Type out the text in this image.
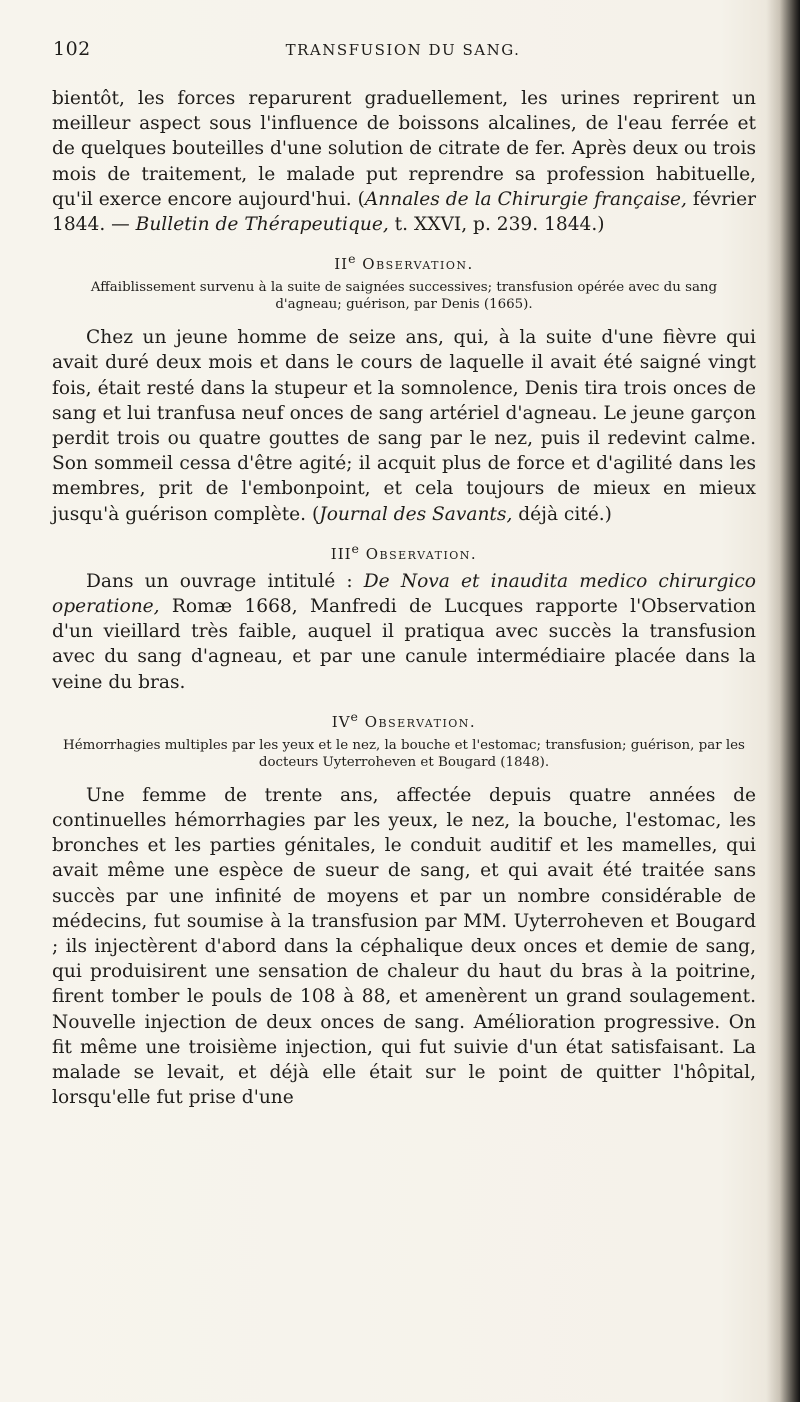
102	TRANSFUSION DU SANG.

bientôt, les forces reparurent graduellement, les urines reprirent un meilleur aspect sous l'influence de boissons alcalines, de l'eau ferrée et de quelques bouteilles d'une solution de citrate de fer. Après deux ou trois mois de traitement, le malade put reprendre sa profession habituelle, qu'il exerce encore aujourd'hui. (Annales de la Chirurgie française, février 1844. — Bulletin de Thérapeutique, t. XXVI, p. 239. 1844.)

IIe Observation.
Affaiblissement survenu à la suite de saignées successives; transfusion opérée avec du sang d'agneau; guérison, par Denis (1665).

Chez un jeune homme de seize ans, qui, à la suite d'une fièvre qui avait duré deux mois et dans le cours de laquelle il avait été saigné vingt fois, était resté dans la stupeur et la somnolence, Denis tira trois onces de sang et lui tranfusa neuf onces de sang artériel d'agneau. Le jeune garçon perdit trois ou quatre gouttes de sang par le nez, puis il redevint calme. Son sommeil cessa d'être agité; il acquit plus de force et d'agilité dans les membres, prit de l'embonpoint, et cela toujours de mieux en mieux jusqu'à guérison complète. (Journal des Savants, déjà cité.)

IIIe Observation.

Dans un ouvrage intitulé : De Nova et inaudita medico chirurgico operatione, Romæ 1668, Manfredi de Lucques rapporte l'Observation d'un vieillard très faible, auquel il pratiqua avec succès la transfusion avec du sang d'agneau, et par une canule intermédiaire placée dans la veine du bras.

IVe Observation.
Hémorrhagies multiples par les yeux et le nez, la bouche et l'estomac; transfusion; guérison, par les docteurs Uyterroheven et Bougard (1848).

Une femme de trente ans, affectée depuis quatre années de continuelles hémorrhagies par les yeux, le nez, la bouche, l'estomac, les bronches et les parties génitales, le conduit auditif et les mamelles, qui avait même une espèce de sueur de sang, et qui avait été traitée sans succès par une infinité de moyens et par un nombre considérable de médecins, fut soumise à la transfusion par MM. Uyterroheven et Bougard ; ils injectèrent d'abord dans la céphalique deux onces et demie de sang, qui produisirent une sensation de chaleur du haut du bras à la poitrine, firent tomber le pouls de 108 à 88, et amenèrent un grand soulagement. Nouvelle injection de deux onces de sang. Amélioration progressive. On fit même une troisième injection, qui fut suivie d'un état satisfaisant. La malade se levait, et déjà elle était sur le point de quitter l'hôpital, lorsqu'elle fut prise d'une
